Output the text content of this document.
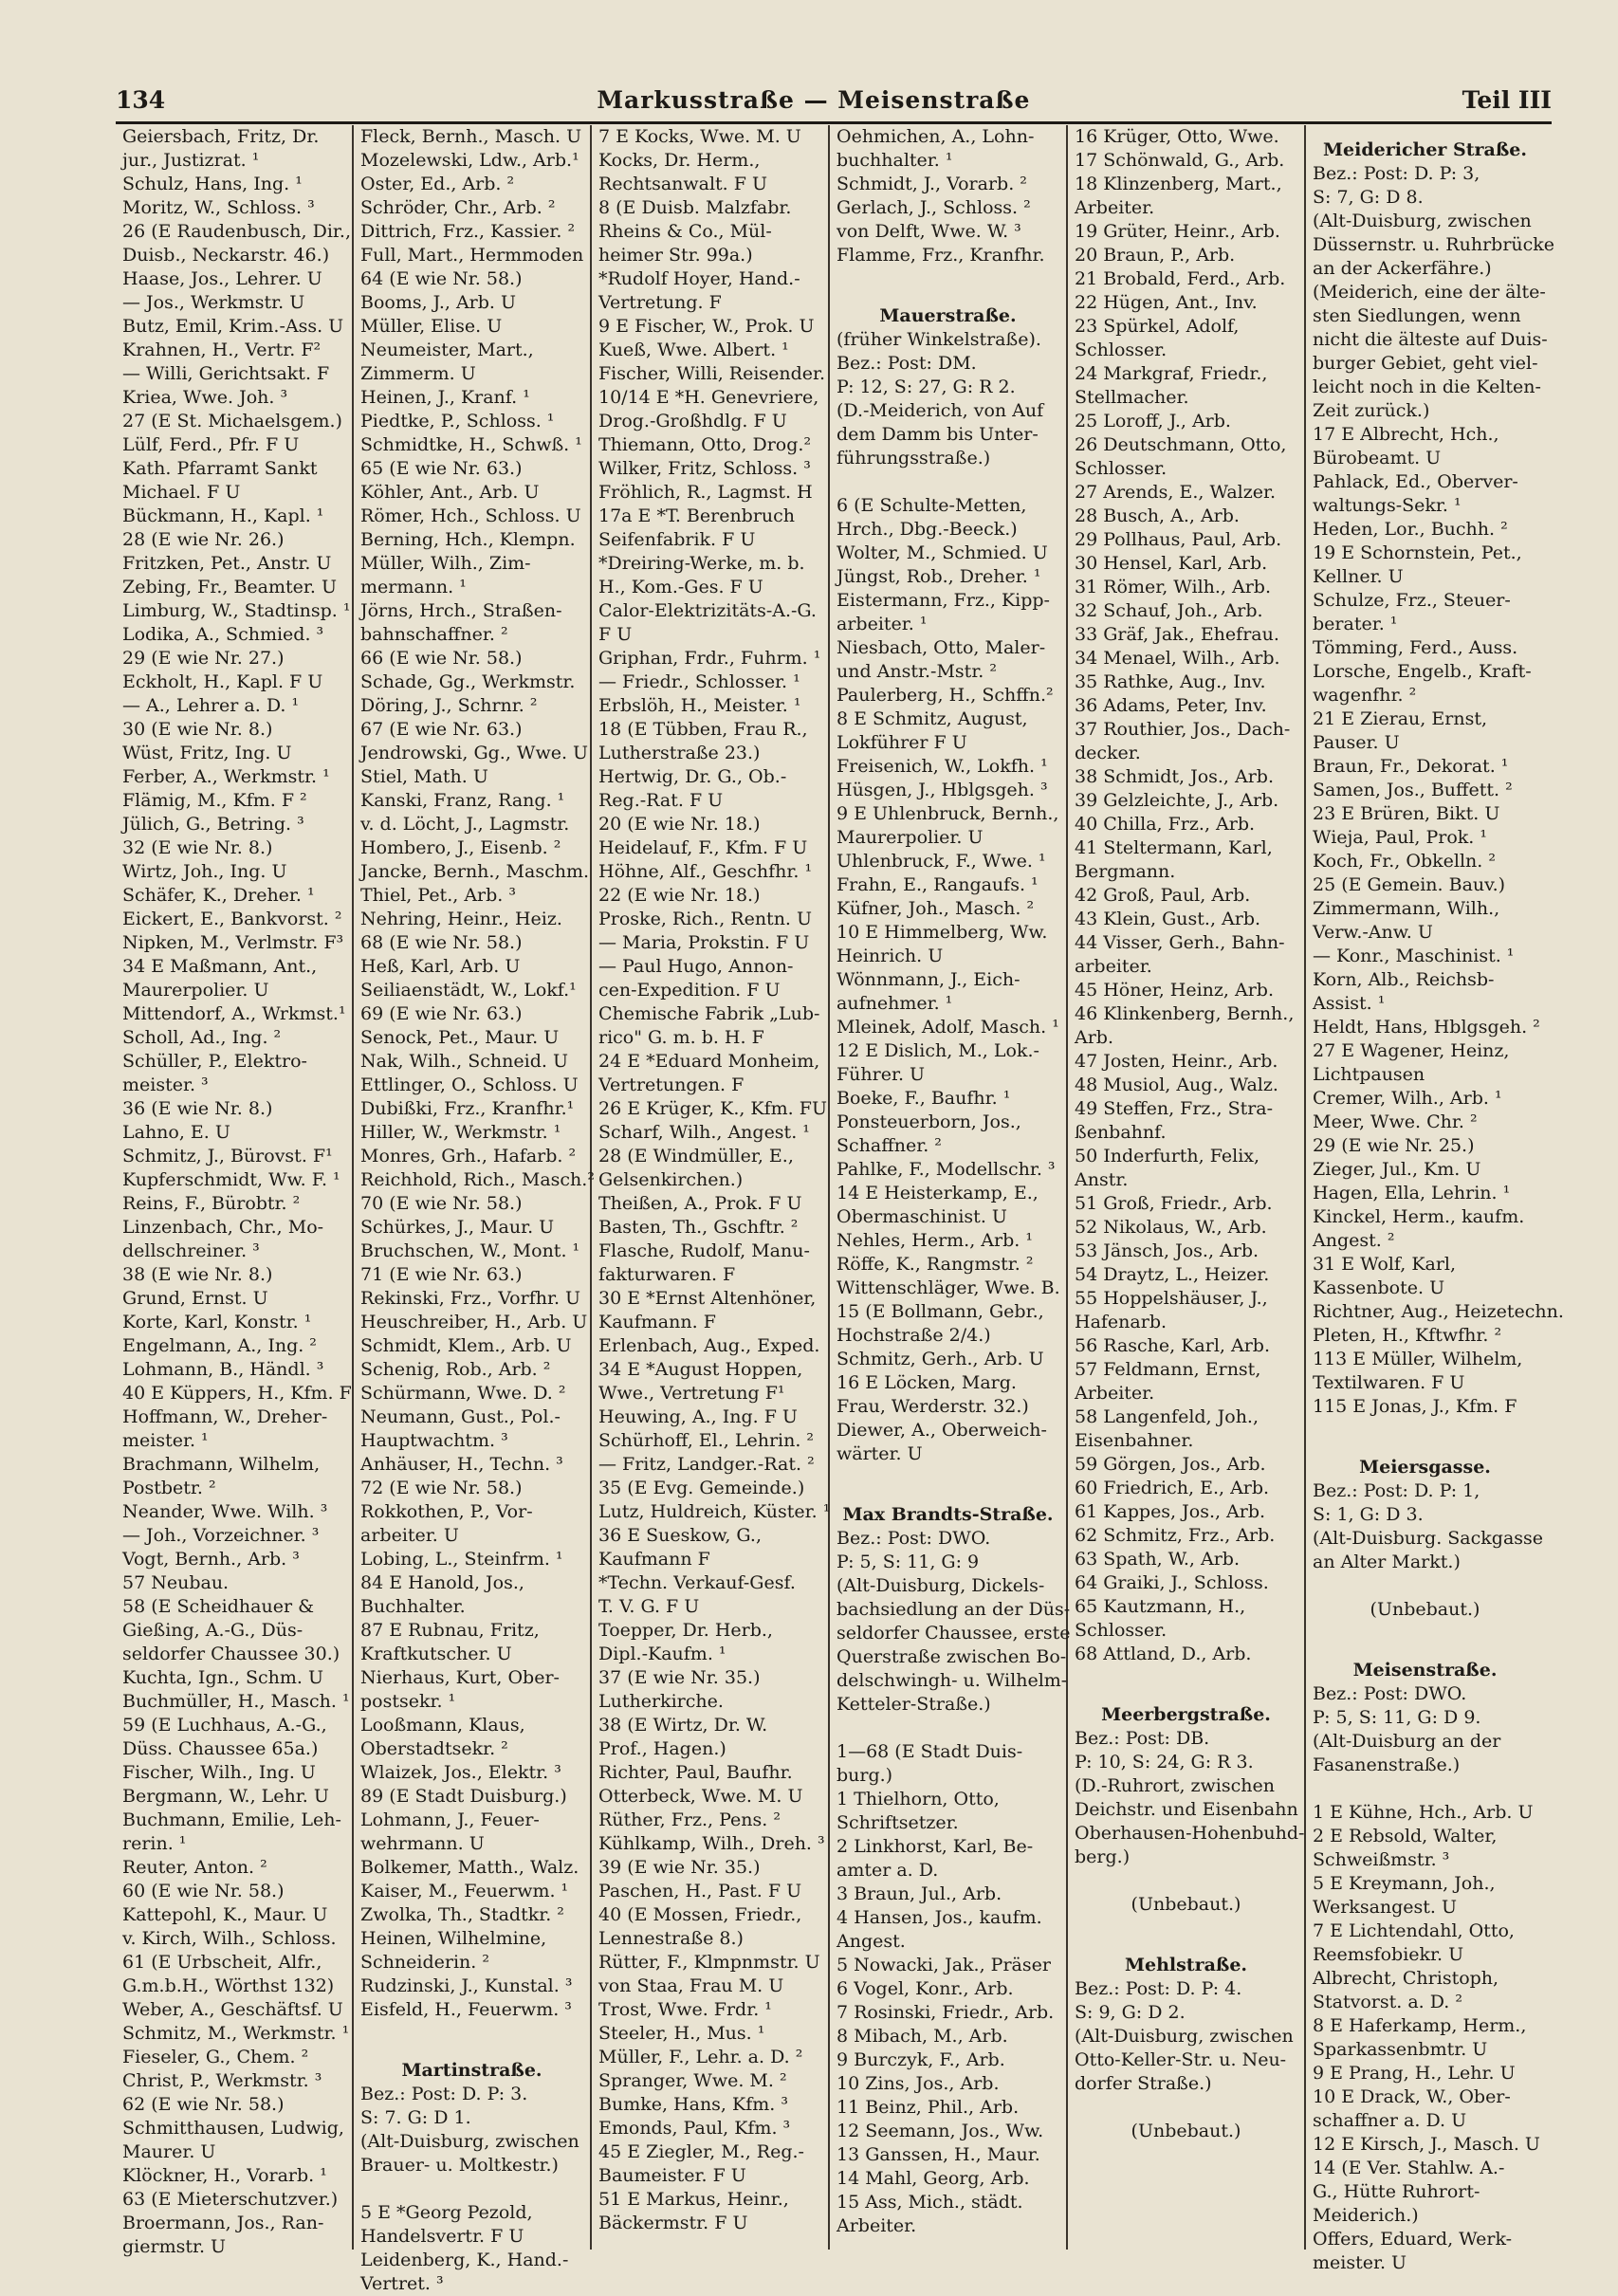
134	Markusstraße — Meisenstraße	Teil III
Geiersbach, Fritz, Dr.
jur., Justizrat. ¹
Schulz, Hans, Ing. ¹
Moritz, W., Schloss. ³
26 (E Raudenbusch, Dir.,
Duisb., Neckarstr. 46.)
Haase, Jos., Lehrer. U
— Jos., Werkmstr. U
Butz, Emil, Krim.-Ass. U
Krahnen, H., Vertr. F²
— Willi, Gerichtsakt. F
Kriea, Wwe. Joh. ³
27 (E St. Michaelsgem.)
Lülf, Ferd., Pfr. F U
Kath. Pfarramt Sankt
Michael. F U
Bückmann, H., Kapl. ¹
28 (E wie Nr. 26.)
Fritzken, Pet., Anstr. U
Zebing, Fr., Beamter. U
Limburg, W., Stadtinsp. ¹
Lodika, A., Schmied. ³
29 (E wie Nr. 27.)
Eckholt, H., Kapl. F U
— A., Lehrer a. D. ¹
30 (E wie Nr. 8.)
Wüst, Fritz, Ing. U
Ferber, A., Werkmstr. ¹
Flämig, M., Kfm. F ²
Jülich, G., Betring. ³
32 (E wie Nr. 8.)
Wirtz, Joh., Ing. U
Schäfer, K., Dreher. ¹
Eickert, E., Bankvorst. ²
Nipken, M., Verlmstr. F³
34 E Maßmann, Ant.,
Maurerpolier. U
Mittendorf, A., Wrkmst.¹
Scholl, Ad., Ing. ²
Schüller, P., Elektro-
meister. ³
36 (E wie Nr. 8.)
Lahno, E. U
Schmitz, J., Bürovst. F¹
Kupferschmidt, Ww. F. ¹
Reins, F., Bürobtr. ²
Linzenbach, Chr., Mo-
dellschreiner. ³
38 (E wie Nr. 8.)
Grund, Ernst. U
Korte, Karl, Konstr. ¹
Engelmann, A., Ing. ²
Lohmann, B., Händl. ³
40 E Küppers, H., Kfm. F
Hoffmann, W., Dreher-
meister. ¹
Brachmann, Wilhelm,
Postbetr. ²
Neander, Wwe. Wilh. ³
— Joh., Vorzeichner. ³
Vogt, Bernh., Arb. ³
57 Neubau.
58 (E Scheidhauer &
Gießing, A.-G., Düs-
seldorfer Chaussee 30.)
Kuchta, Ign., Schm. U
Buchmüller, H., Masch. ¹
59 (E Luchhaus, A.-G.,
Düss. Chaussee 65a.)
Fischer, Wilh., Ing. U
Bergmann, W., Lehr. U
Buchmann, Emilie, Leh-
rerin. ¹
Reuter, Anton. ²
60 (E wie Nr. 58.)
Kattepohl, K., Maur. U
v. Kirch, Wilh., Schloss.
61 (E Urbscheit, Alfr.,
G.m.b.H., Wörthst 132)
Weber, A., Geschäftsf. U
Schmitz, M., Werkmstr. ¹
Fieseler, G., Chem. ²
Christ, P., Werkmstr. ³
62 (E wie Nr. 58.)
Schmitthausen, Ludwig,
Maurer. U
Klöckner, H., Vorarb. ¹
63 (E Mieterschutzver.)
Broermann, Jos., Ran-
giermstr. U
Fleck, Bernh., Masch. U
Mozelewski, Ldw., Arb.¹
Oster, Ed., Arb. ²
Schröder, Chr., Arb. ²
Dittrich, Frz., Kassier. ²
Full, Mart., Hermmoden
64 (E wie Nr. 58.)
Booms, J., Arb. U
Müller, Elise. U
Neumeister, Mart.,
Zimmerm. U
Heinen, J., Kranf. ¹
Piedtke, P., Schloss. ¹
Schmidtke, H., Schwß. ¹
65 (E wie Nr. 63.)
Köhler, Ant., Arb. U
Römer, Hch., Schloss. U
Berning, Hch., Klempn.
Müller, Wilh., Zim-
mermann. ¹
Jörns, Hrch., Straßen-
bahnschaffner. ²
66 (E wie Nr. 58.)
Schade, Gg., Werkmstr.
Döring, J., Schrnr. ²
67 (E wie Nr. 63.)
Jendrowski, Gg., Wwe. U
Stiel, Math. U
Kanski, Franz, Rang. ¹
v. d. Löcht, J., Lagmstr.
Hombero, J., Eisenb. ²
Jancke, Bernh., Maschm.
Thiel, Pet., Arb. ³
Nehring, Heinr., Heiz.
68 (E wie Nr. 58.)
Heß, Karl, Arb. U
Seiliaenstädt, W., Lokf.¹
69 (E wie Nr. 63.)
Senock, Pet., Maur. U
Nak, Wilh., Schneid. U
Ettlinger, O., Schloss. U
Dubißki, Frz., Kranfhr.¹
Hiller, W., Werkmstr. ¹
Monres, Grh., Hafarb. ²
Reichhold, Rich., Masch.²
70 (E wie Nr. 58.)
Schürkes, J., Maur. U
Bruchschen, W., Mont. ¹
71 (E wie Nr. 63.)
Rekinski, Frz., Vorfhr. U
Heuschreiber, H., Arb. U
Schmidt, Klem., Arb. U
Schenig, Rob., Arb. ²
Schürmann, Wwe. D. ²
Neumann, Gust., Pol.-
Hauptwachtm. ³
Anhäuser, H., Techn. ³
72 (E wie Nr. 58.)
Rokkothen, P., Vor-
arbeiter. U
Lobing, L., Steinfrm. ¹
84 E Hanold, Jos.,
Buchhalter.
87 E Rubnau, Fritz,
Kraftkutscher. U
Nierhaus, Kurt, Ober-
postsekr. ¹
Looßmann, Klaus,
Oberstadtsekr. ²
Wlaizek, Jos., Elektr. ³
89 (E Stadt Duisburg.)
Lohmann, J., Feuer-
wehrmann. U
Bolkemer, Matth., Walz.
Kaiser, M., Feuerwm. ¹
Zwolka, Th., Stadtkr. ²
Heinen, Wilhelmine,
Schneiderin. ²
Rudzinski, J., Kunstal. ³
Eisfeld, H., Feuerwm. ³

Martinstraße.
Bez.: Post: D. P: 3.
S: 7. G: D 1.
(Alt-Duisburg, zwischen
Brauer- u. Moltkestr.)

5 E *Georg Pezold,
Handelsvertr. F U
Leidenberg, K., Hand.-
Vertret. ³
7 E Kocks, Wwe. M. U
Kocks, Dr. Herm.,
Rechtsanwalt. F U
8 (E Duisb. Malzfabr.
Rheins & Co., Mül-
heimer Str. 99a.)
*Rudolf Hoyer, Hand.-
Vertretung. F
9 E Fischer, W., Prok. U
Kueß, Wwe. Albert. ¹
Fischer, Willi, Reisender.
10/14 E *H. Genevriere,
Drog.-Großhdlg. F U
Thiemann, Otto, Drog.²
Wilker, Fritz, Schloss. ³
Fröhlich, R., Lagmst. H
17a E *T. Berenbruch
Seifenfabrik. F U
*Dreiring-Werke, m. b.
H., Kom.-Ges. F U
Calor-Elektrizitäts-A.-G.
F U
Griphan, Frdr., Fuhrm. ¹
— Friedr., Schlosser. ¹
Erbslöh, H., Meister. ¹
18 (E Tübben, Frau R.,
Lutherstraße 23.)
Hertwig, Dr. G., Ob.-
Reg.-Rat. F U
20 (E wie Nr. 18.)
Heidelauf, F., Kfm. F U
Höhne, Alf., Geschfhr. ¹
22 (E wie Nr. 18.)
Proske, Rich., Rentn. U
— Maria, Prokstin. F U
— Paul Hugo, Annon-
cen-Expedition. F U
Chemische Fabrik „Lub-
rico" G. m. b. H. F
24 E *Eduard Monheim,
Vertretungen. F
26 E Krüger, K., Kfm. FU
Scharf, Wilh., Angest. ¹
28 (E Windmüller, E.,
Gelsenkirchen.)
Theißen, A., Prok. F U
Basten, Th., Gschftr. ²
Flasche, Rudolf, Manu-
fakturwaren. F
30 E *Ernst Altenhöner,
Kaufmann. F
Erlenbach, Aug., Exped.
34 E *August Hoppen,
Wwe., Vertretung F¹
Heuwing, A., Ing. F U
Schürhoff, El., Lehrin. ²
— Fritz, Landger.-Rat. ²
35 (E Evg. Gemeinde.)
Lutz, Huldreich, Küster. ¹
36 E Sueskow, G.,
Kaufmann F
*Techn. Verkauf-Gesf.
T. V. G. F U
Toepper, Dr. Herb.,
Dipl.-Kaufm. ¹
37 (E wie Nr. 35.)
Lutherkirche.
38 (E Wirtz, Dr. W.
Prof., Hagen.)
Richter, Paul, Baufhr.
Otterbeck, Wwe. M. U
Rüther, Frz., Pens. ²
Kühlkamp, Wilh., Dreh. ³
39 (E wie Nr. 35.)
Paschen, H., Past. F U
40 (E Mossen, Friedr.,
Lennestraße 8.)
Rütter, F., Klmpnmstr. U
von Staa, Frau M. U
Trost, Wwe. Frdr. ¹
Steeler, H., Mus. ¹
Müller, F., Lehr. a. D. ²
Spranger, Wwe. M. ²
Bumke, Hans, Kfm. ³
Emonds, Paul, Kfm. ³
45 E Ziegler, M., Reg.-
Baumeister. F U
51 E Markus, Heinr.,
Bäckermstr. F U
Oehmichen, A., Lohn-
buchhalter. ¹
Schmidt, J., Vorarb. ²
Gerlach, J., Schloss. ²
von Delft, Wwe. W. ³
Flamme, Frz., Kranfhr.

Mauerstraße.
(früher Winkelstraße).
Bez.: Post: DM.
P: 12, S: 27, G: R 2.
(D.-Meiderich, von Auf
dem Damm bis Unter-
führungsstraße.)

6 (E Schulte-Metten,
Hrch., Dbg.-Beeck.)
Wolter, M., Schmied. U
Jüngst, Rob., Dreher. ¹
Eistermann, Frz., Kipp-
arbeiter. ¹
Niesbach, Otto, Maler-
und Anstr.-Mstr. ²
Paulerberg, H., Schffn.²
8 E Schmitz, August,
Lokführer F U
Freisenich, W., Lokfh. ¹
Hüsgen, J., Hblgsgeh. ³
9 E Uhlenbruck, Bernh.,
Maurerpolier. U
Uhlenbruck, F., Wwe. ¹
Frahn, E., Rangaufs. ¹
Küfner, Joh., Masch. ²
10 E Himmelberg, Ww.
Heinrich. U
Wönnmann, J., Eich-
aufnehmer. ¹
Mleinek, Adolf, Masch. ¹
12 E Dislich, M., Lok.-
Führer. U
Boeke, F., Baufhr. ¹
Ponsteuerborn, Jos.,
Schaffner. ²
Pahlke, F., Modellschr. ³
14 E Heisterkamp, E.,
Obermaschinist. U
Nehles, Herm., Arb. ¹
Röffe, K., Rangmstr. ²
Wittenschläger, Wwe. B.
15 (E Bollmann, Gebr.,
Hochstraße 2/4.)
Schmitz, Gerh., Arb. U
16 E Löcken, Marg.
Frau, Werderstr. 32.)
Diewer, A., Oberweich-
wärter. U

Max Brandts-Straße.
Bez.: Post: DWO.
P: 5, S: 11, G: 9
(Alt-Duisburg, Dickels-
bachsiedlung an der Düs-
seldorfer Chaussee, erste
Querstraße zwischen Bo-
delschwingh- u. Wilhelm-
Ketteler-Straße.)

1—68 (E Stadt Duis-
burg.)
1 Thielhorn, Otto,
Schriftsetzer.
2 Linkhorst, Karl, Be-
amter a. D.
3 Braun, Jul., Arb.
4 Hansen, Jos., kaufm.
Angest.
5 Nowacki, Jak., Präser
6 Vogel, Konr., Arb.
7 Rosinski, Friedr., Arb.
8 Mibach, M., Arb.
9 Burczyk, F., Arb.
10 Zins, Jos., Arb.
11 Beinz, Phil., Arb.
12 Seemann, Jos., Ww.
13 Ganssen, H., Maur.
14 Mahl, Georg, Arb.
15 Ass, Mich., städt.
Arbeiter.
16 Krüger, Otto, Wwe.
17 Schönwald, G., Arb.
18 Klinzenberg, Mart.,
Arbeiter.
19 Grüter, Heinr., Arb.
20 Braun, P., Arb.
21 Brobald, Ferd., Arb.
22 Hügen, Ant., Inv.
23 Spürkel, Adolf,
Schlosser.
24 Markgraf, Friedr.,
Stellmacher.
25 Loroff, J., Arb.
26 Deutschmann, Otto,
Schlosser.
27 Arends, E., Walzer.
28 Busch, A., Arb.
29 Pollhaus, Paul, Arb.
30 Hensel, Karl, Arb.
31 Römer, Wilh., Arb.
32 Schauf, Joh., Arb.
33 Gräf, Jak., Ehefrau.
34 Menael, Wilh., Arb.
35 Rathke, Aug., Inv.
36 Adams, Peter, Inv.
37 Routhier, Jos., Dach-
decker.
38 Schmidt, Jos., Arb.
39 Gelzleichte, J., Arb.
40 Chilla, Frz., Arb.
41 Steltermann, Karl,
Bergmann.
42 Groß, Paul, Arb.
43 Klein, Gust., Arb.
44 Visser, Gerh., Bahn-
arbeiter.
45 Höner, Heinz, Arb.
46 Klinkenberg, Bernh.,
Arb.
47 Josten, Heinr., Arb.
48 Musiol, Aug., Walz.
49 Steffen, Frz., Stra-
ßenbahnf.
50 Inderfurth, Felix,
Anstr.
51 Groß, Friedr., Arb.
52 Nikolaus, W., Arb.
53 Jänsch, Jos., Arb.
54 Draytz, L., Heizer.
55 Hoppelshäuser, J.,
Hafenarb.
56 Rasche, Karl, Arb.
57 Feldmann, Ernst,
Arbeiter.
58 Langenfeld, Joh.,
Eisenbahner.
59 Görgen, Jos., Arb.
60 Friedrich, E., Arb.
61 Kappes, Jos., Arb.
62 Schmitz, Frz., Arb.
63 Spath, W., Arb.
64 Graiki, J., Schloss.
65 Kautzmann, H.,
Schlosser.
68 Attland, D., Arb.

Meerbergstraße.
Bez.: Post: DB.
P: 10, S: 24, G: R 3.
(D.-Ruhrort, zwischen
Deichstr. und Eisenbahn
Oberhausen-Hohenbuhd-
berg.)

(Unbebaut.)

Mehlstraße.
Bez.: Post: D. P: 4.
S: 9, G: D 2.
(Alt-Duisburg, zwischen
Otto-Keller-Str. u. Neu-
dorfer Straße.)

(Unbebaut.)
Meidericher Straße.
Bez.: Post: D. P: 3,
S: 7, G: D 8.
(Alt-Duisburg, zwischen
Düssernstr. u. Ruhrbrücke
an der Ackerfähre.)
(Meiderich, eine der älte-
sten Siedlungen, wenn
nicht die älteste auf Duis-
burger Gebiet, geht viel-
leicht noch in die Kelten-
Zeit zurück.)
17 E Albrecht, Hch.,
Bürobeamt. U
Pahlack, Ed., Oberver-
waltungs-Sekr. ¹
Heden, Lor., Buchh. ²
19 E Schornstein, Pet.,
Kellner. U
Schulze, Frz., Steuer-
berater. ¹
Tömming, Ferd., Auss.
Lorsche, Engelb., Kraft-
wagenfhr. ²
21 E Zierau, Ernst,
Pauser. U
Braun, Fr., Dekorat. ¹
Samen, Jos., Buffett. ²
23 E Brüren, Bikt. U
Wieja, Paul, Prok. ¹
Koch, Fr., Obkelln. ²
25 (E Gemein. Bauv.)
Zimmermann, Wilh.,
Verw.-Anw. U
— Konr., Maschinist. ¹
Korn, Alb., Reichsb-
Assist. ¹
Heldt, Hans, Hblgsgeh. ²
27 E Wagener, Heinz,
Lichtpausen
Cremer, Wilh., Arb. ¹
Meer, Wwe. Chr. ²
29 (E wie Nr. 25.)
Zieger, Jul., Km. U
Hagen, Ella, Lehrin. ¹
Kinckel, Herm., kaufm.
Angest. ²
31 E Wolf, Karl,
Kassenbote. U
Richtner, Aug., Heizetechn.
Pleten, H., Kftwfhr. ²
113 E Müller, Wilhelm,
Textilwaren. F U
115 E Jonas, J., Kfm. F

Meiersgasse.
Bez.: Post: D. P: 1,
S: 1, G: D 3.
(Alt-Duisburg. Sackgasse
an Alter Markt.)

(Unbebaut.)

Meisenstraße.
Bez.: Post: DWO.
P: 5, S: 11, G: D 9.
(Alt-Duisburg an der
Fasanenstraße.)

1 E Kühne, Hch., Arb. U
2 E Rebsold, Walter,
Schweißmstr. ³
5 E Kreymann, Joh.,
Werksangest. U
7 E Lichtendahl, Otto,
Reemsfobiekr. U
Albrecht, Christoph,
Statvorst. a. D. ²
8 E Haferkamp, Herm.,
Sparkassenbmtr. U
9 E Prang, H., Lehr. U
10 E Drack, W., Ober-
schaffner a. D. U
12 E Kirsch, J., Masch. U
14 (E Ver. Stahlw. A.-
G., Hütte Ruhrort-
Meiderich.)
Offers, Eduard, Werk-
meister. U
